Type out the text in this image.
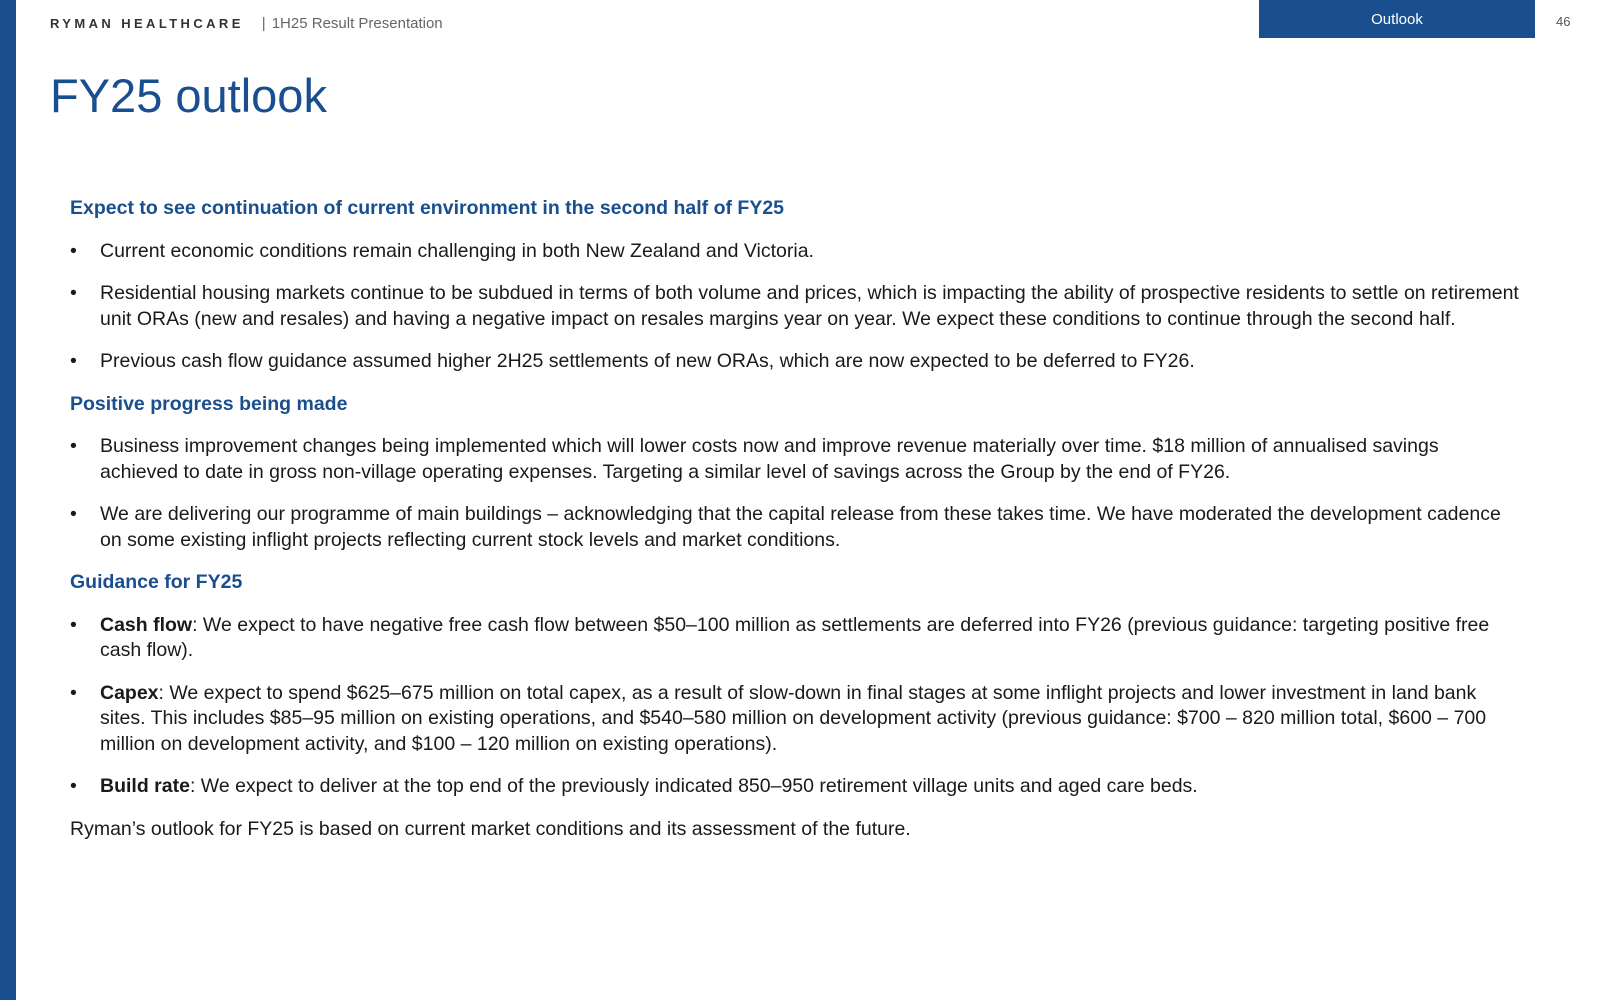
RYMAN HEALTHCARE | 1H25 Result Presentation	Outlook	46
FY25 outlook

Expect to see continuation of current environment in the second half of FY25

• Current economic conditions remain challenging in both New Zealand and Victoria.
• Residential housing markets continue to be subdued in terms of both volume and prices, which is impacting the ability of prospective residents to settle on retirement unit ORAs (new and resales) and having a negative impact on resales margins year on year. We expect these conditions to continue through the second half.
• Previous cash flow guidance assumed higher 2H25 settlements of new ORAs, which are now expected to be deferred to FY26.

Positive progress being made

• Business improvement changes being implemented which will lower costs now and improve revenue materially over time. $18 million of annualised savings achieved to date in gross non-village operating expenses. Targeting a similar level of savings across the Group by the end of FY26.
• We are delivering our programme of main buildings – acknowledging that the capital release from these takes time. We have moderated the development cadence on some existing inflight projects reflecting current stock levels and market conditions.

Guidance for FY25

• Cash flow: We expect to have negative free cash flow between $50–100 million as settlements are deferred into FY26 (previous guidance: targeting positive free cash flow).
• Capex: We expect to spend $625–675 million on total capex, as a result of slow-down in final stages at some inflight projects and lower investment in land bank sites. This includes $85–95 million on existing operations, and $540–580 million on development activity (previous guidance: $700 – 820 million total, $600 – 700 million on development activity, and $100 – 120 million on existing operations).
• Build rate: We expect to deliver at the top end of the previously indicated 850–950 retirement village units and aged care beds.

Ryman’s outlook for FY25 is based on current market conditions and its assessment of the future.
